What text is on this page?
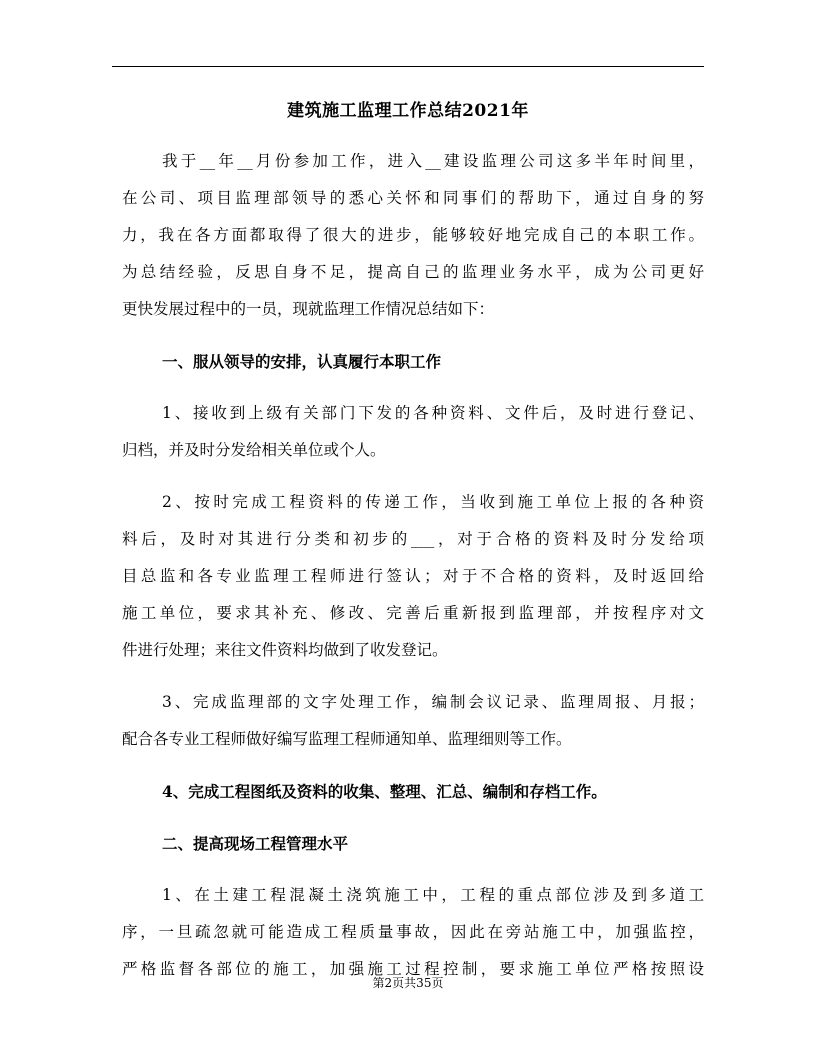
建筑施工监理工作总结2021年
我于__年__月份参加工作，进入__建设监理公司这多半年时间里，
在公司、项目监理部领导的悉心关怀和同事们的帮助下，通过自身的努
力，我在各方面都取得了很大的进步，能够较好地完成自己的本职工作。
为总结经验，反思自身不足，提高自己的监理业务水平，成为公司更好
更快发展过程中的一员，现就监理工作情况总结如下：
一、服从领导的安排，认真履行本职工作
1、接收到上级有关部门下发的各种资料、文件后，及时进行登记、
归档，并及时分发给相关单位或个人。
2、按时完成工程资料的传递工作，当收到施工单位上报的各种资
料后，及时对其进行分类和初步的___，对于合格的资料及时分发给项
目总监和各专业监理工程师进行签认；对于不合格的资料，及时返回给
施工单位，要求其补充、修改、完善后重新报到监理部，并按程序对文
件进行处理；来往文件资料均做到了收发登记。
3、完成监理部的文字处理工作，编制会议记录、监理周报、月报；
配合各专业工程师做好编写监理工程师通知单、监理细则等工作。
4、完成工程图纸及资料的收集、整理、汇总、编制和存档工作。
二、提高现场工程管理水平
1、在土建工程混凝土浇筑施工中，工程的重点部位涉及到多道工
序，一旦疏忽就可能造成工程质量事故，因此在旁站施工中，加强监控，
严格监督各部位的施工，加强施工过程控制，要求施工单位严格按照设
第2页共35页
